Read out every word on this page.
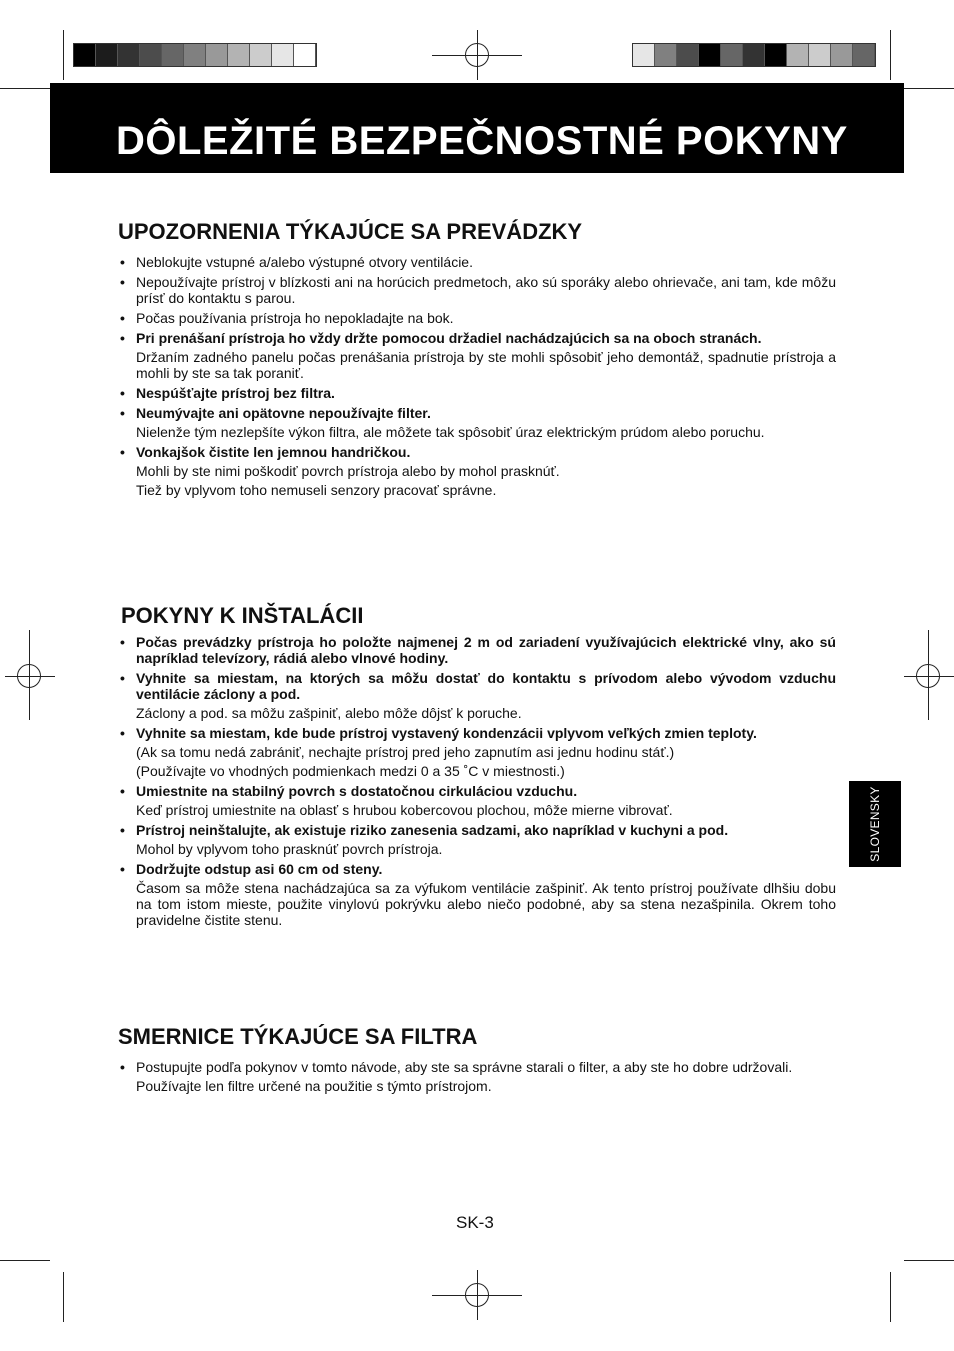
DÔLEŽITÉ BEZPEČNOSTNÉ POKYNY
UPOZORNENIA TÝKAJÚCE SA PREVÁDZKY
• Neblokujte vstupné a/alebo výstupné otvory ventilácie.
• Nepoužívajte prístroj v blízkosti ani na horúcich predmetoch, ako sú sporáky alebo ohrievače, ani tam, kde môžu prísť do kontaktu s parou.
• Počas používania prístroja ho nepokladajte na bok.
• Pri prenášaní prístroja ho vždy držte pomocou držadiel nachádzajúcich sa na oboch stranách.
Držaním zadného panelu počas prenášania prístroja by ste mohli spôsobiť jeho demontáž, spadnutie prístroja a mohli by ste sa tak poraniť.
• Nespúšťajte prístroj bez filtra.
• Neumývajte ani opätovne nepoužívajte filter.
Nielenže tým nezlepšíte výkon filtra, ale môžete tak spôsobiť úraz elektrickým prúdom alebo poruchu.
• Vonkajšok čistite len jemnou handričkou.
Mohli by ste nimi poškodiť povrch prístroja alebo by mohol prasknúť.
Tiež by vplyvom toho nemuseli senzory pracovať správne.
POKYNY K INŠTALÁCII
• Počas prevádzky prístroja ho položte najmenej 2 m od zariadení využívajúcich elektrické vlny, ako sú napríklad televízory, rádiá alebo vlnové hodiny.
• Vyhnite sa miestam, na ktorých sa môžu dostať do kontaktu s prívodom alebo vývodom vzduchu ventilácie záclony a pod.
Záclony a pod. sa môžu zašpiniť, alebo môže dôjsť k poruche.
• Vyhnite sa miestam, kde bude prístroj vystavený kondenzácii vplyvom veľkých zmien teploty.
(Ak sa tomu nedá zabrániť, nechajte prístroj pred jeho zapnutím asi jednu hodinu stáť.)
(Používajte vo vhodných podmienkach medzi 0 a 35 ˚C v miestnosti.)
• Umiestnite na stabilný povrch s dostatočnou cirkuláciou vzduchu.
Keď prístroj umiestnite na oblasť s hrubou kobercovou plochou, môže mierne vibrovať.
• Prístroj neinštalujte, ak existuje riziko zanesenia sadzami, ako napríklad v kuchyni a pod.
Mohol by vplyvom toho prasknúť povrch prístroja.
• Dodržujte odstup asi 60 cm od steny.
Časom sa môže stena nachádzajúca sa za výfukom ventilácie zašpiniť. Ak tento prístroj používate dlhšiu dobu na tom istom mieste, použite vinylovú pokrývku alebo niečo podobné, aby sa stena nezašpinila. Okrem toho pravidelne čistite stenu.
SMERNICE TÝKAJÚCE SA FILTRA
• Postupujte podľa pokynov v tomto návode, aby ste sa správne starali o filter, a aby ste ho dobre udržovali.
Používajte len filtre určené na použitie s týmto prístrojom.
SLOVENSKY
SK-3
